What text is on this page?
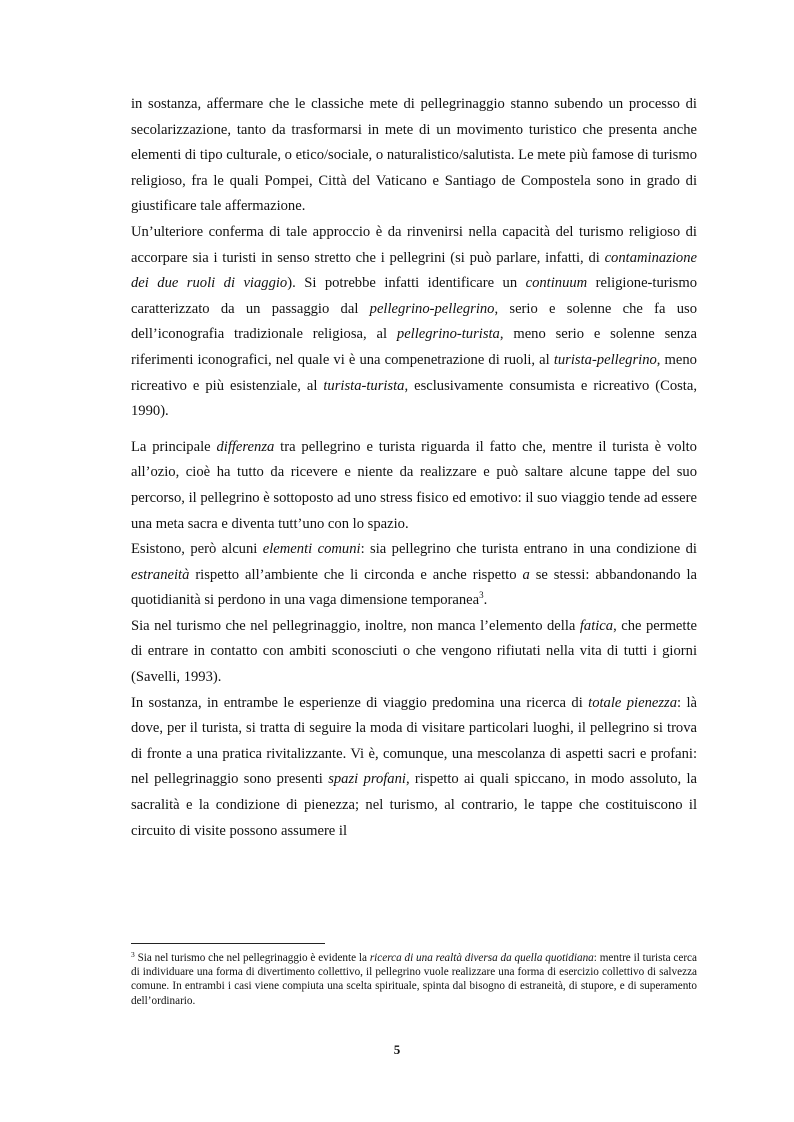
in sostanza, affermare che le classiche mete di pellegrinaggio stanno subendo un processo di secolarizzazione, tanto da trasformarsi in mete di un movimento turistico che presenta anche elementi di tipo culturale, o etico/sociale, o naturalistico/salutista. Le mete più famose di turismo religioso, fra le quali Pompei, Città del Vaticano e Santiago de Compostela sono in grado di giustificare tale affermazione.

Un’ulteriore conferma di tale approccio è da rinvenirsi nella capacità del turismo religioso di accorpare sia i turisti in senso stretto che i pellegrini (si può parlare, infatti, di contaminazione dei due ruoli di viaggio). Si potrebbe infatti identificare un continuum religione-turismo caratterizzato da un passaggio dal pellegrino-pellegrino, serio e solenne che fa uso dell’iconografia tradizionale religiosa, al pellegrino-turista, meno serio e solenne senza riferimenti iconografici, nel quale vi è una compenetrazione di ruoli, al turista-pellegrino, meno ricreativo e più esistenziale, al turista-turista, esclusivamente consumista e ricreativo (Costa, 1990).

La principale differenza tra pellegrino e turista riguarda il fatto che, mentre il turista è volto all’ozio, cioè ha tutto da ricevere e niente da realizzare e può saltare alcune tappe del suo percorso, il pellegrino è sottoposto ad uno stress fisico ed emotivo: il suo viaggio tende ad essere una meta sacra e diventa tutt’uno con lo spazio.

Esistono, però alcuni elementi comuni: sia pellegrino che turista entrano in una condizione di estraneità rispetto all’ambiente che li circonda e anche rispetto a se stessi: abbandonando la quotidianità si perdono in una vaga dimensione temporanea$^3$.

Sia nel turismo che nel pellegrinaggio, inoltre, non manca l’elemento della fatica, che permette di entrare in contatto con ambiti sconosciuti o che vengono rifiutati nella vita di tutti i giorni (Savelli, 1993).

In sostanza, in entrambe le esperienze di viaggio predomina una ricerca di totale pienezza: là dove, per il turista, si tratta di seguire la moda di visitare particolari luoghi, il pellegrino si trova di fronte a una pratica rivitalizzante. Vi è, comunque, una mescolanza di aspetti sacri e profani: nel pellegrinaggio sono presenti spazi profani, rispetto ai quali spiccano, in modo assoluto, la sacralità e la condizione di pienezza; nel turismo, al contrario, le tappe che costituiscono il circuito di visite possono assumere il

$^3$ Sia nel turismo che nel pellegrinaggio è evidente la ricerca di una realtà diversa da quella quotidiana: mentre il turista cerca di individuare una forma di divertimento collettivo, il pellegrino vuole realizzare una forma di esercizio collettivo di salvezza comune. In entrambi i casi viene compiuta una scelta spirituale, spinta dal bisogno di estraneità, di stupore, e di superamento dell’ordinario.
5
